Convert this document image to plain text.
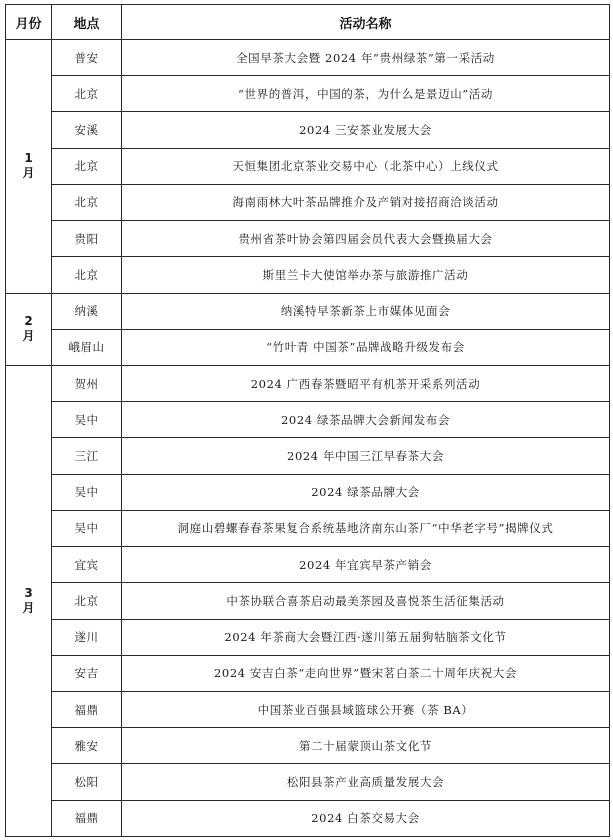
月份	地点	活动名称

1
月	普安	全国早茶大会暨 2024 年“贵州绿茶”第一采活动
	北京	“世界的普洱，中国的茶，为什么是景迈山”活动
	安溪	2024 三安茶业发展大会
	北京	天恒集团北京茶业交易中心（北茶中心）上线仪式
	北京	海南雨林大叶茶品牌推介及产销对接招商洽谈活动
	贵阳	贵州省茶叶协会第四届会员代表大会暨换届大会
	北京	斯里兰卡大使馆举办茶与旅游推广活动

2
月	纳溪	纳溪特早茶新茶上市媒体见面会
	峨眉山	“竹叶青 中国茶”品牌战略升级发布会

3
月	贺州	2024 广西春茶暨昭平有机茶开采系列活动
	吴中	2024 绿茶品牌大会新闻发布会
	三江	2024 年中国三江早春茶大会
	吴中	2024 绿茶品牌大会
	吴中	洞庭山碧螺春春茶果复合系统基地济南东山茶厂“中华老字号”揭牌仪式
	宜宾	2024 年宜宾早茶产销会
	北京	中茶协联合喜茶启动最美茶园及喜悦茶生活征集活动
	遂川	2024 年茶商大会暨江西·遂川第五届狗牯脑茶文化节
	安吉	2024 安吉白茶“走向世界”暨宋茗白茶二十周年庆祝大会
	福鼎	中国茶业百强县域篮球公开赛（茶 BA）
	雅安	第二十届蒙顶山茶文化节
	松阳	松阳县茶产业高质量发展大会
	福鼎	2024 白茶交易大会
